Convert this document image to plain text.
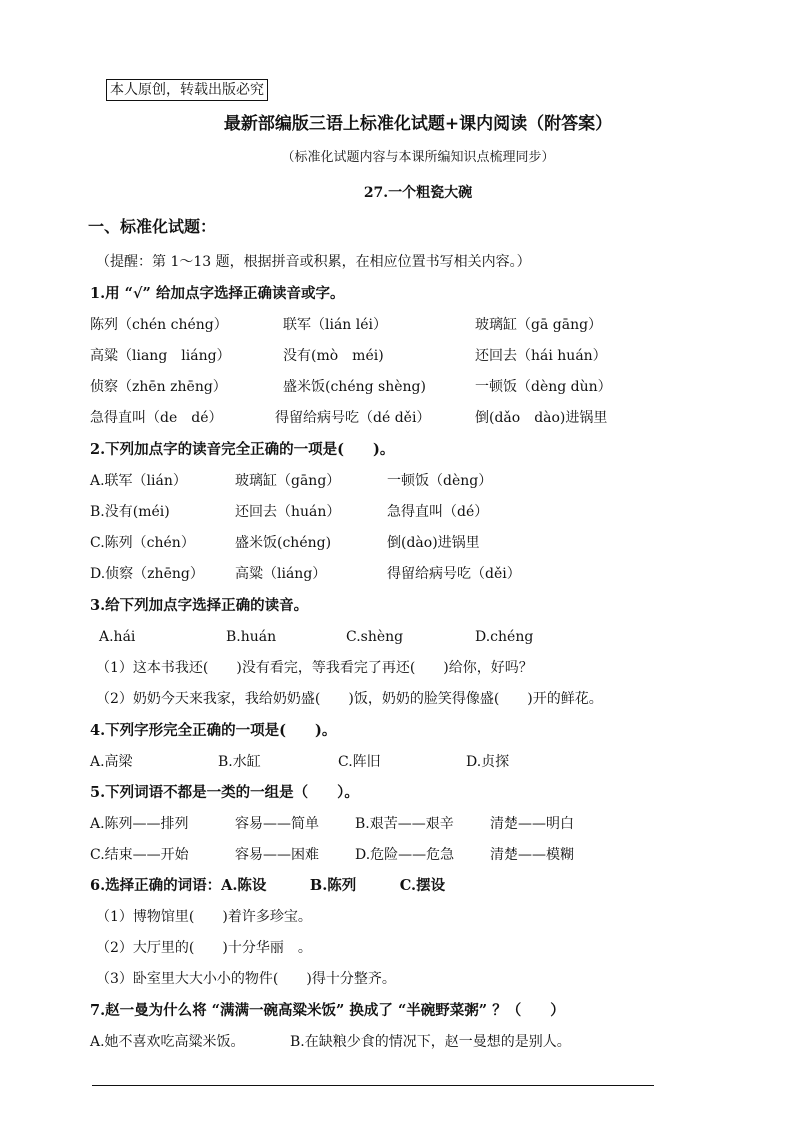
本人原创，转载出版必究
最新部编版三语上标准化试题+课内阅读（附答案）
（标准化试题内容与本课所编知识点梳理同步）
27.一个粗瓷大碗
一、标准化试题：
（提醒：第 1～13 题，根据拼音或积累，在相应位置书写相关内容。）
1.用 “√” 给加点字选择正确读音或字。
陈列（chén chéng）	联军（lián léi）	玻璃缸（gā gāng）
高粱（liang　liáng）	没有(mò　méi)	还回去（hái huán）
侦察（zhēn zhēng）	盛米饭(chéng shèng)	一顿饭（dèng dùn）
急得直叫（de　dé）	得留给病号吃（dé děi）	倒(dǎo　dào)进锅里
2.下列加点字的读音完全正确的一项是(　　)。
A.联军（lián）	玻璃缸（gāng）	一顿饭（dèng）
B.没有(méi)	还回去（huán）	急得直叫（dé）
C.陈列（chén）	盛米饭(chéng)	倒(dào)进锅里
D.侦察（zhēng） 高粱（liáng）	得留给病号吃（děi）
3.给下列加点字选择正确的读音。
A.hái	B.huán	C.shèng	D.chéng
（1）这本书我还(　　)没有看完，等我看完了再还(　　)给你，好吗？
（2）奶奶今天来我家，我给奶奶盛(　　)饭，奶奶的脸笑得像盛(　　)开的鲜花。
4.下列字形完全正确的一项是(　　)。
A.高梁	B.水缸	C.阵旧	D.贞探
5.下列词语不都是一类的一组是（　　）。
A.陈列——排列	容易——简单	B.艰苦——艰辛	清楚——明白
C.结束——开始	容易——困难	D.危险——危急	清楚——模糊
6.选择正确的词语：A.陈设　　　B.陈列　　　C.摆设
（1）博物馆里(　　)着许多珍宝。
（2）大厅里的(　　)十分华丽　。
（3）卧室里大大小小的物件(　　)得十分整齐。
7.赵一曼为什么将 “满满一碗高粱米饭” 换成了 “半碗野菜粥” ？（　　）
A.她不喜欢吃高粱米饭。	B.在缺粮少食的情况下，赵一曼想的是别人。
